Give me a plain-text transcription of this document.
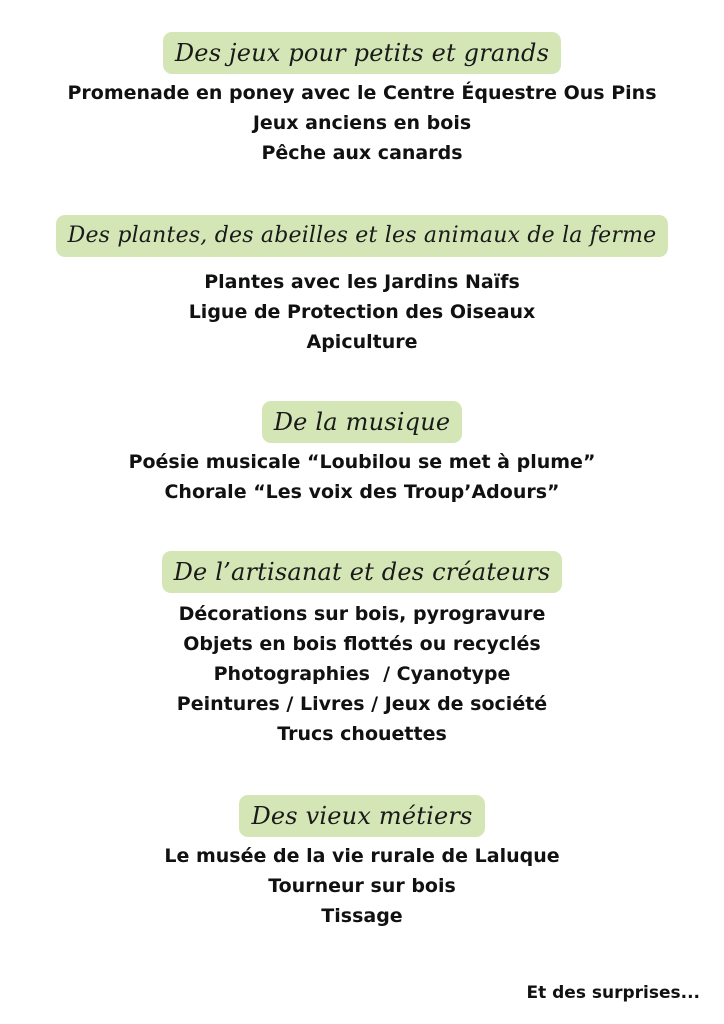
Des jeux pour petits et grands
Promenade en poney avec le Centre Équestre Ous Pins
Jeux anciens en bois
Pêche aux canards
Des plantes, des abeilles et les animaux de la ferme
Plantes avec les Jardins Naïfs
Ligue de Protection des Oiseaux
Apiculture
De la musique
Poésie musicale “Loubilou se met à plume”
Chorale “Les voix des Troup’Adours”
De l’artisanat et des créateurs
Décorations sur bois, pyrogravure
Objets en bois flottés ou recyclés
Photographies  / Cyanotype
Peintures / Livres / Jeux de société
Trucs chouettes
Des vieux métiers
Le musée de la vie rurale de Laluque
Tourneur sur bois
Tissage
Et des surprises...
